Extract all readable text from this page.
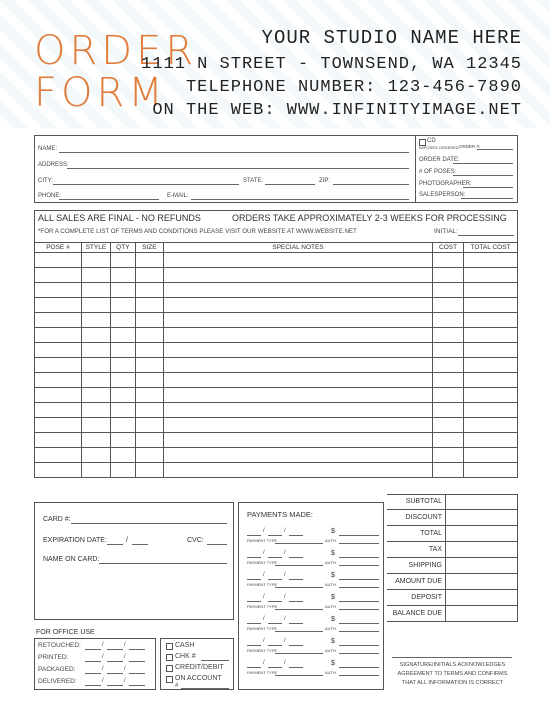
ORDER
FORM
YOUR STUDIO NAME HERE
1111 N STREET - TOWNSEND, WA 12345
TELEPHONE NUMBER: 123-456-7890
ON THE WEB: WWW.INFINITYIMAGE.NET
NAME:
ADDRESS:
CITY:	STATE:	ZIP:
PHONE:	E-MAIL:
CD
W/POSES ORDERED ORDER #:
ORDER DATE:
# OF POSES:
PHOTOGRAPHER:
SALESPERSON:
ALL SALES ARE FINAL - NO REFUNDS	ORDERS TAKE APPROXIMATELY 2-3 WEEKS FOR PROCESSING
*FOR A COMPLETE LIST OF TERMS AND CONDITIONS PLEASE VISIT OUR WEBSITE AT WWW.WEBSITE.NET	INITIAL:
POSE #	STYLE	QTY	SIZE	SPECIAL NOTES	COST	TOTAL COST

CARD #:
EXPIRATION DATE:	/	CVC:
NAME ON CARD:
PAYMENTS MADE:
/	/	$
PAYMENT TYPE	AUTH
/	/	$
PAYMENT TYPE	AUTH
/	/	$
PAYMENT TYPE	AUTH
/	/	$
PAYMENT TYPE	AUTH
/	/	$
PAYMENT TYPE	AUTH
/	/	$
PAYMENT TYPE	AUTH
/	/	$
PAYMENT TYPE	AUTH
SUBTOTAL
DISCOUNT
TOTAL
TAX
SHIPPING
AMOUNT DUE
DEPOSIT
BALANCE DUE
FOR OFFICE USE
RETOUCHED:	/	/
PRINTED:	/	/
PACKAGED:	/	/
DELIVERED:	/	/
CASH
CHK #
CREDIT/DEBIT
ON ACCOUNT
#
SIGNATURE/INITIALS ACKNOWLEDGES
AGREEMENT TO TERMS AND CONFIRMS
THAT ALL INFORMATION IS CORRECT
